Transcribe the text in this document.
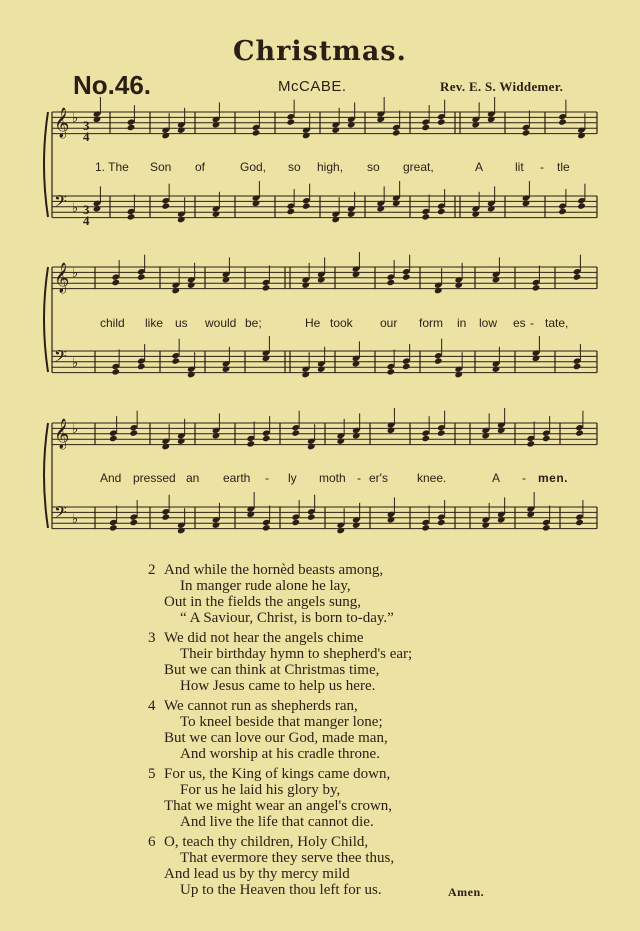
Christmas.
No.46.	McCABE.	Rev. E. S. Widdemer.
𝄞 ♭
𝄢 ♭
𝄞 ♭
𝄢 ♭
𝄞 ♭
𝄢 ♭
3
4
3
4
1. The Son of	God, so high, so great,	A	lit - tle
child like us would be;	He took our form in low es - tate,
And pressed an earth - ly moth - er's knee.	A - men.
2 And while the hornèd beasts among,
In manger rude alone he lay,
Out in the fields the angels sung,
“ A Saviour, Christ, is born to-day.”
3 We did not hear the angels chime
Their birthday hymn to shepherd's ear;
But we can think at Christmas time,
How Jesus came to help us here.
4 We cannot run as shepherds ran,
To kneel beside that manger lone;
But we can love our God, made man,
And worship at his cradle throne.
5 For us, the King of kings came down,
For us he laid his glory by,
That we might wear an angel's crown,
And live the life that cannot die.
6 O, teach thy children, Holy Child,
That evermore they serve thee thus,
And lead us by thy mercy mild
Up to the Heaven thou left for us.	Amen.
